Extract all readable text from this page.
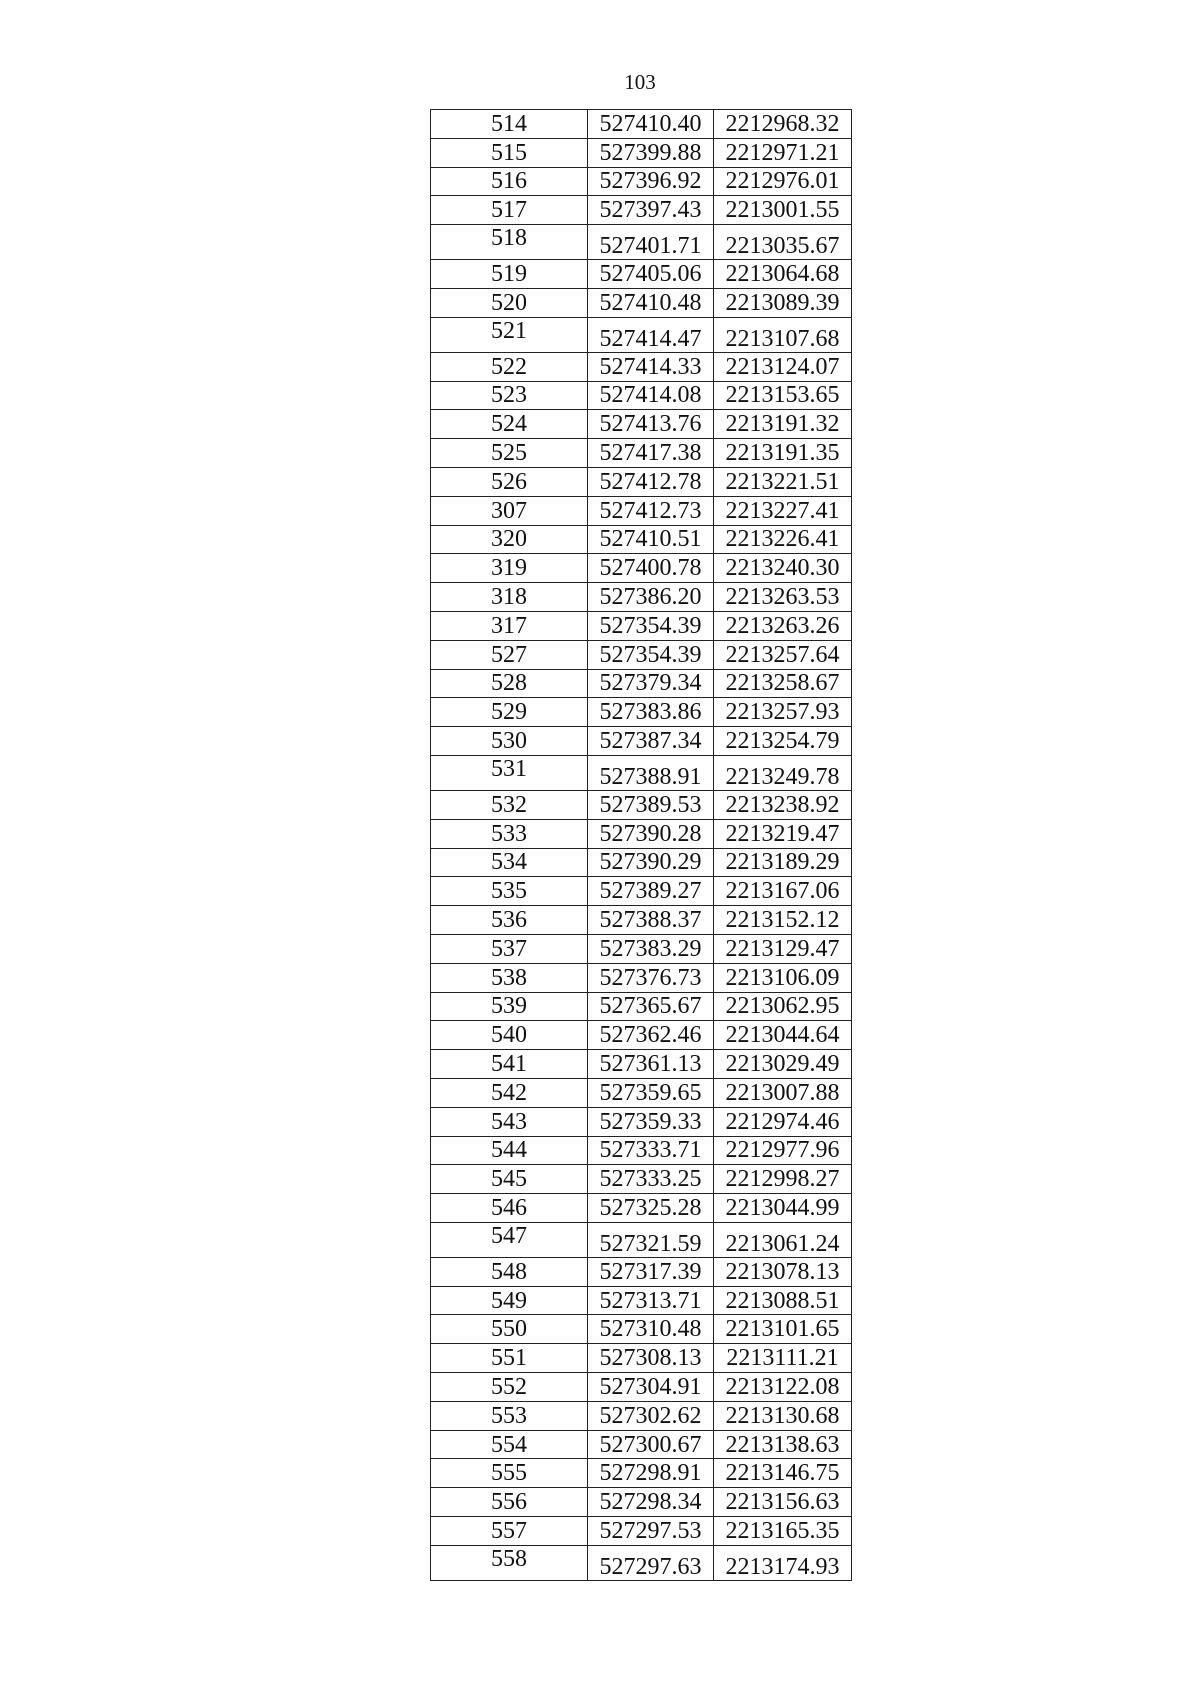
103
514	527410.40	2212968.32
515	527399.88	2212971.21
516	527396.92	2212976.01
517	527397.43	2213001.55
518	527401.71	2213035.67
519	527405.06	2213064.68
520	527410.48	2213089.39
521	527414.47	2213107.68
522	527414.33	2213124.07
523	527414.08	2213153.65
524	527413.76	2213191.32
525	527417.38	2213191.35
526	527412.78	2213221.51
307	527412.73	2213227.41
320	527410.51	2213226.41
319	527400.78	2213240.30
318	527386.20	2213263.53
317	527354.39	2213263.26
527	527354.39	2213257.64
528	527379.34	2213258.67
529	527383.86	2213257.93
530	527387.34	2213254.79
531	527388.91	2213249.78
532	527389.53	2213238.92
533	527390.28	2213219.47
534	527390.29	2213189.29
535	527389.27	2213167.06
536	527388.37	2213152.12
537	527383.29	2213129.47
538	527376.73	2213106.09
539	527365.67	2213062.95
540	527362.46	2213044.64
541	527361.13	2213029.49
542	527359.65	2213007.88
543	527359.33	2212974.46
544	527333.71	2212977.96
545	527333.25	2212998.27
546	527325.28	2213044.99
547	527321.59	2213061.24
548	527317.39	2213078.13
549	527313.71	2213088.51
550	527310.48	2213101.65
551	527308.13	2213111.21
552	527304.91	2213122.08
553	527302.62	2213130.68
554	527300.67	2213138.63
555	527298.91	2213146.75
556	527298.34	2213156.63
557	527297.53	2213165.35
558	527297.63	2213174.93
